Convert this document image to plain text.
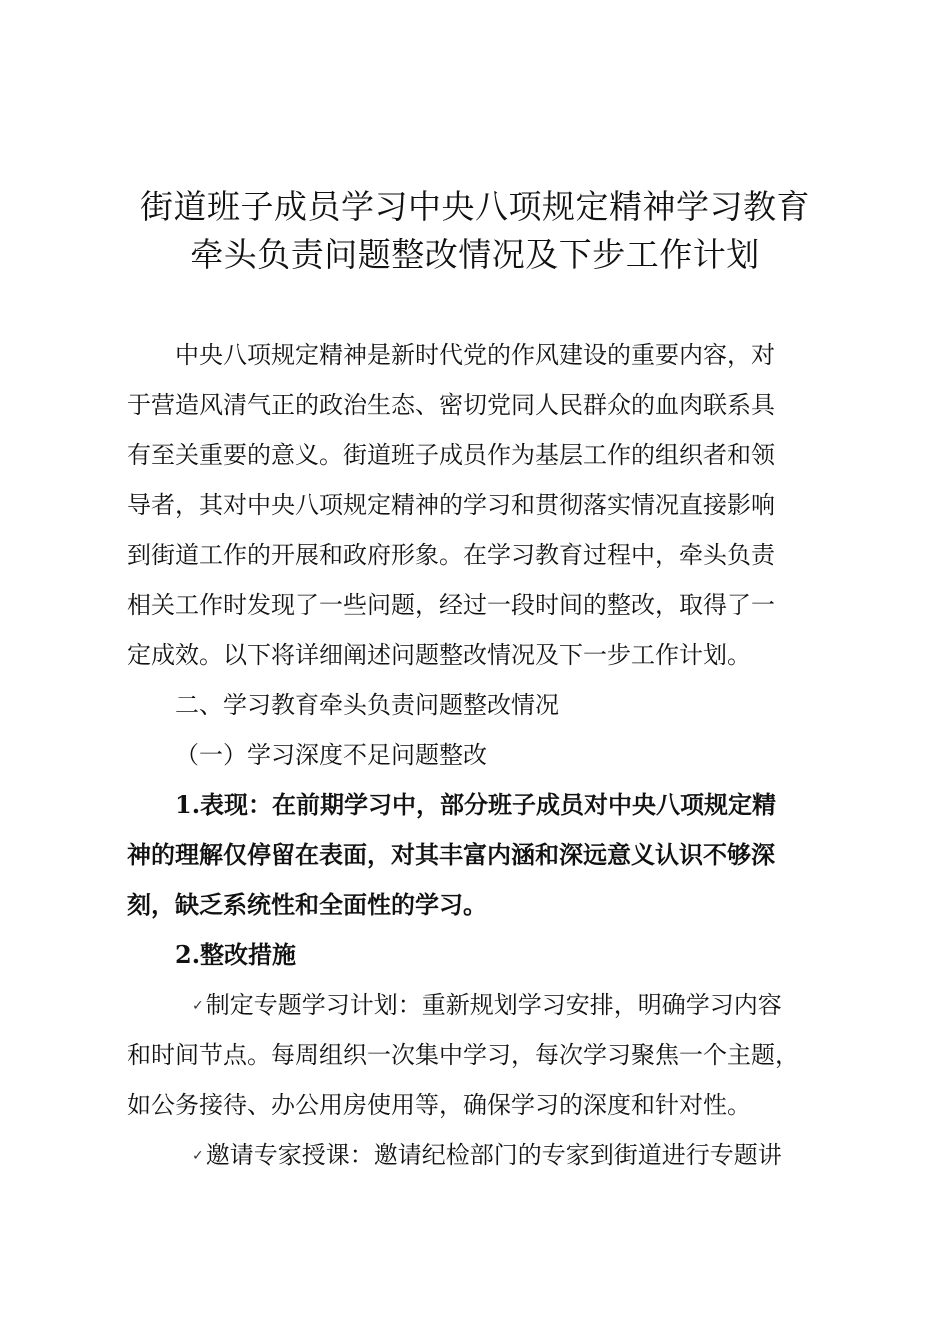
街道班子成员学习中央八项规定精神学习教育
牵头负责问题整改情况及下步工作计划
中央八项规定精神是新时代党的作风建设的重要内容，对
于营造风清气正的政治生态、密切党同人民群众的血肉联系具
有至关重要的意义。街道班子成员作为基层工作的组织者和领
导者，其对中央八项规定精神的学习和贯彻落实情况直接影响
到街道工作的开展和政府形象。在学习教育过程中，牵头负责
相关工作时发现了一些问题，经过一段时间的整改，取得了一
定成效。以下将详细阐述问题整改情况及下一步工作计划。
二、学习教育牵头负责问题整改情况
（一）学习深度不足问题整改
1.表现：在前期学习中，部分班子成员对中央八项规定精
神的理解仅停留在表面，对其丰富内涵和深远意义认识不够深
刻，缺乏系统性和全面性的学习。
2.整改措施
✓制定专题学习计划：重新规划学习安排，明确学习内容
和时间节点。每周组织一次集中学习，每次学习聚焦一个主题，
如公务接待、办公用房使用等，确保学习的深度和针对性。
✓邀请专家授课：邀请纪检部门的专家到街道进行专题讲
